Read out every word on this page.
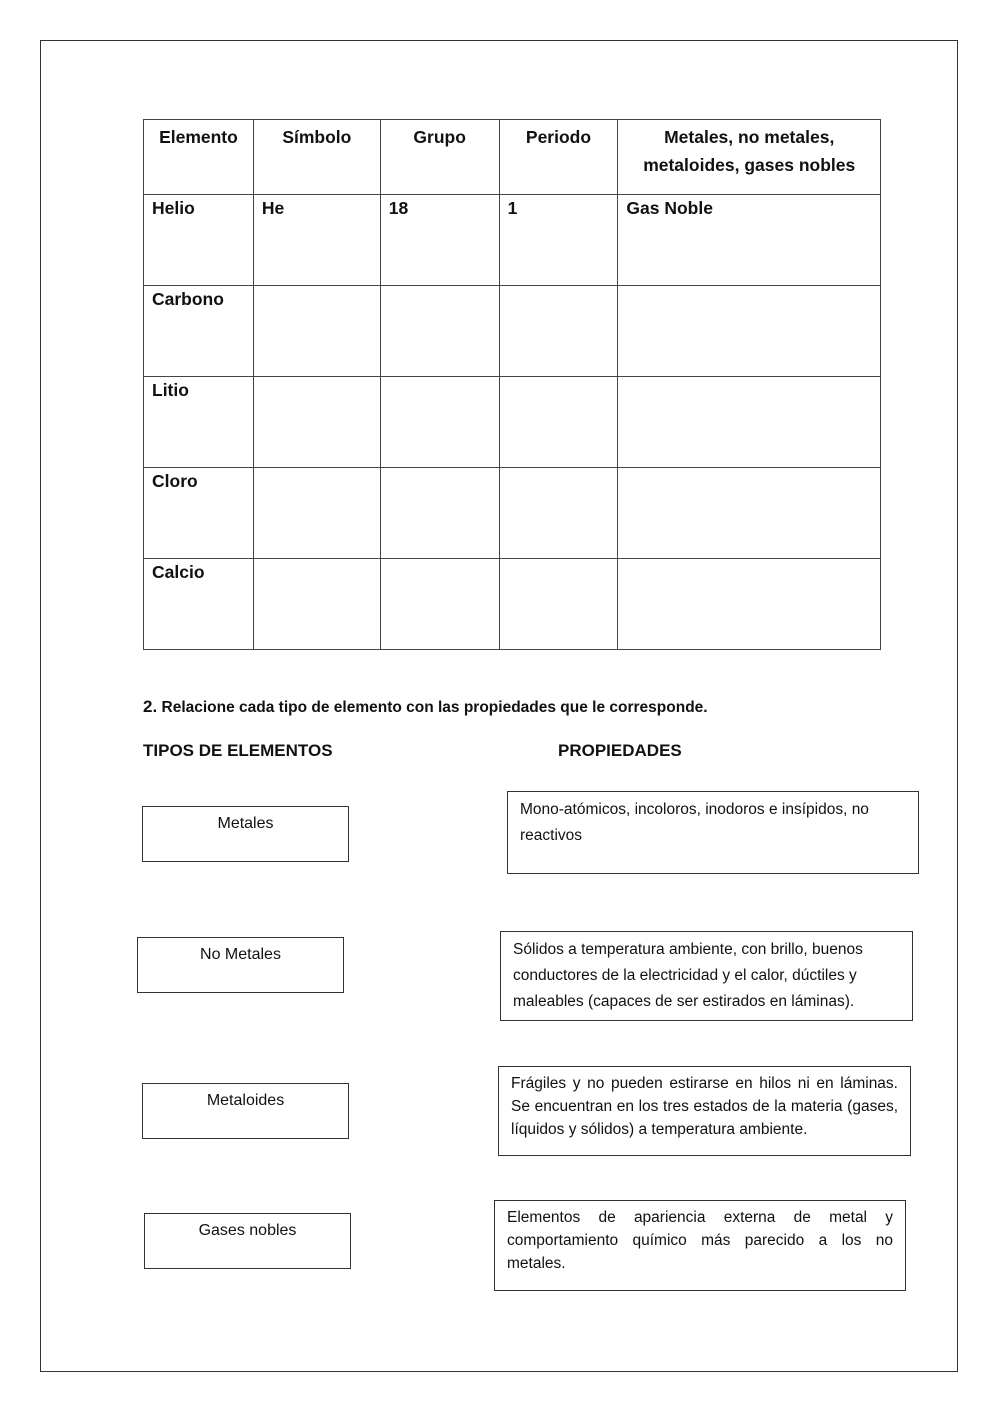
Elemento	Símbolo	Grupo	Periodo	Metales, no metales, metaloides, gases nobles
Helio	He	18	1	Gas Noble
Carbono				
Litio				
Cloro				
Calcio				
2. Relacione cada tipo de elemento con las propiedades que le corresponde.
TIPOS DE ELEMENTOS	PROPIEDADES
Metales
No Metales
Metaloides
Gases nobles
Mono-atómicos, incoloros, inodoros e insípidos, no reactivos
Sólidos a temperatura ambiente, con brillo, buenos conductores de la electricidad y el calor, dúctiles y maleables (capaces de ser estirados en láminas).
Frágiles y no pueden estirarse en hilos ni en láminas. Se encuentran en los tres estados de la materia (gases, líquidos y sólidos) a temperatura ambiente.
Elementos de apariencia externa de metal y comportamiento químico más parecido a los no metales.
